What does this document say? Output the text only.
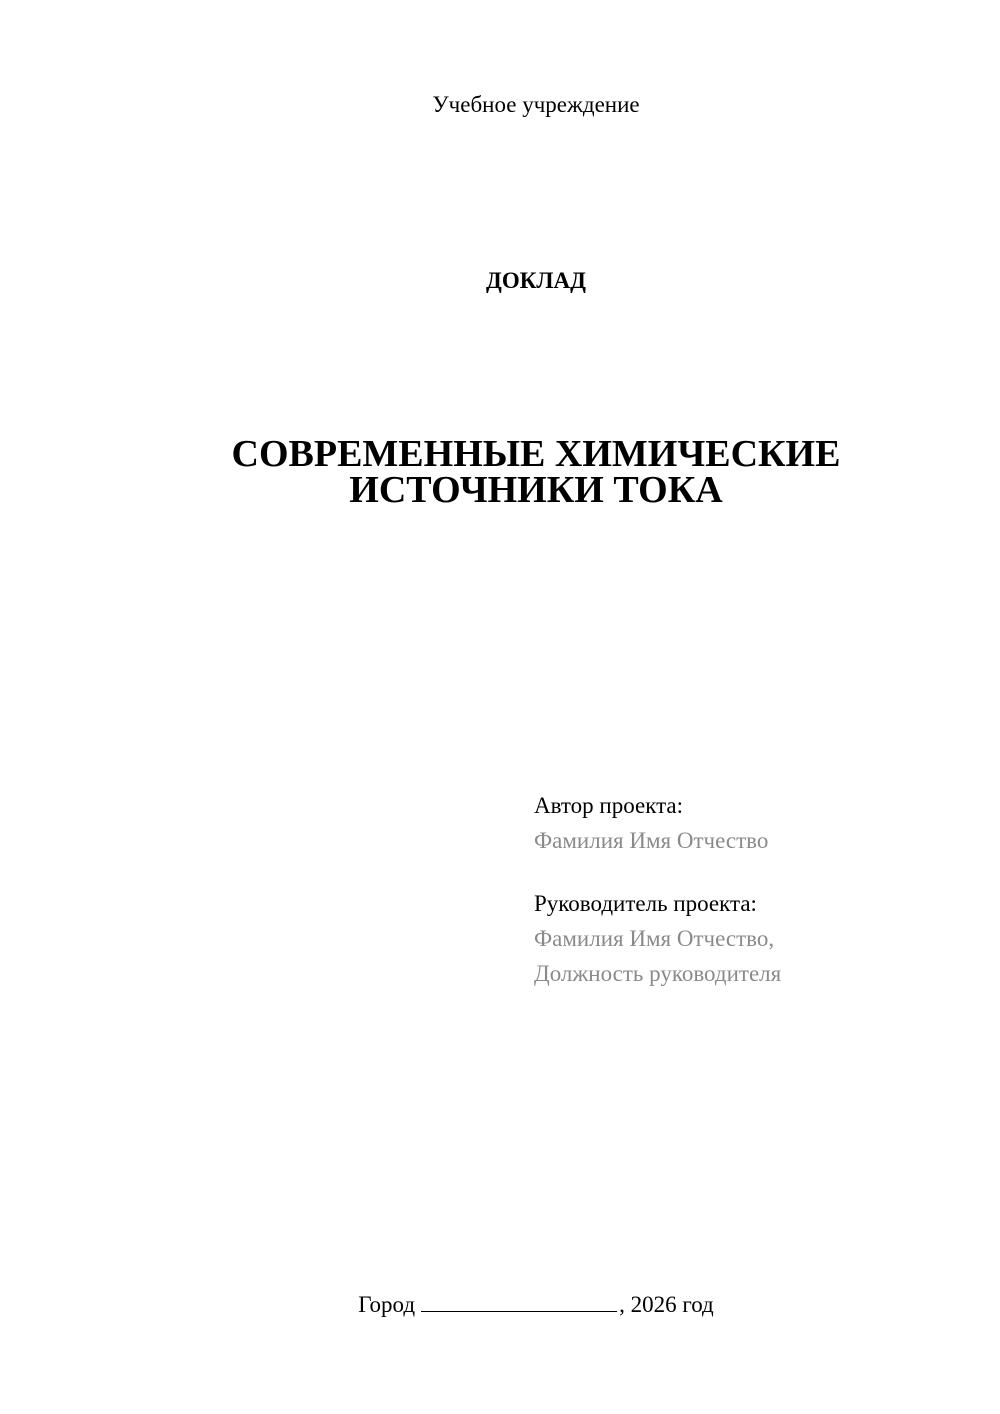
Учебное учреждение
ДОКЛАД
СОВРЕМЕННЫЕ ХИМИЧЕСКИЕ
ИСТОЧНИКИ ТОКА
Автор проекта:
Фамилия Имя Отчество
Руководитель проекта:
Фамилия Имя Отчество,
Должность руководителя
Город	, 2026 год
